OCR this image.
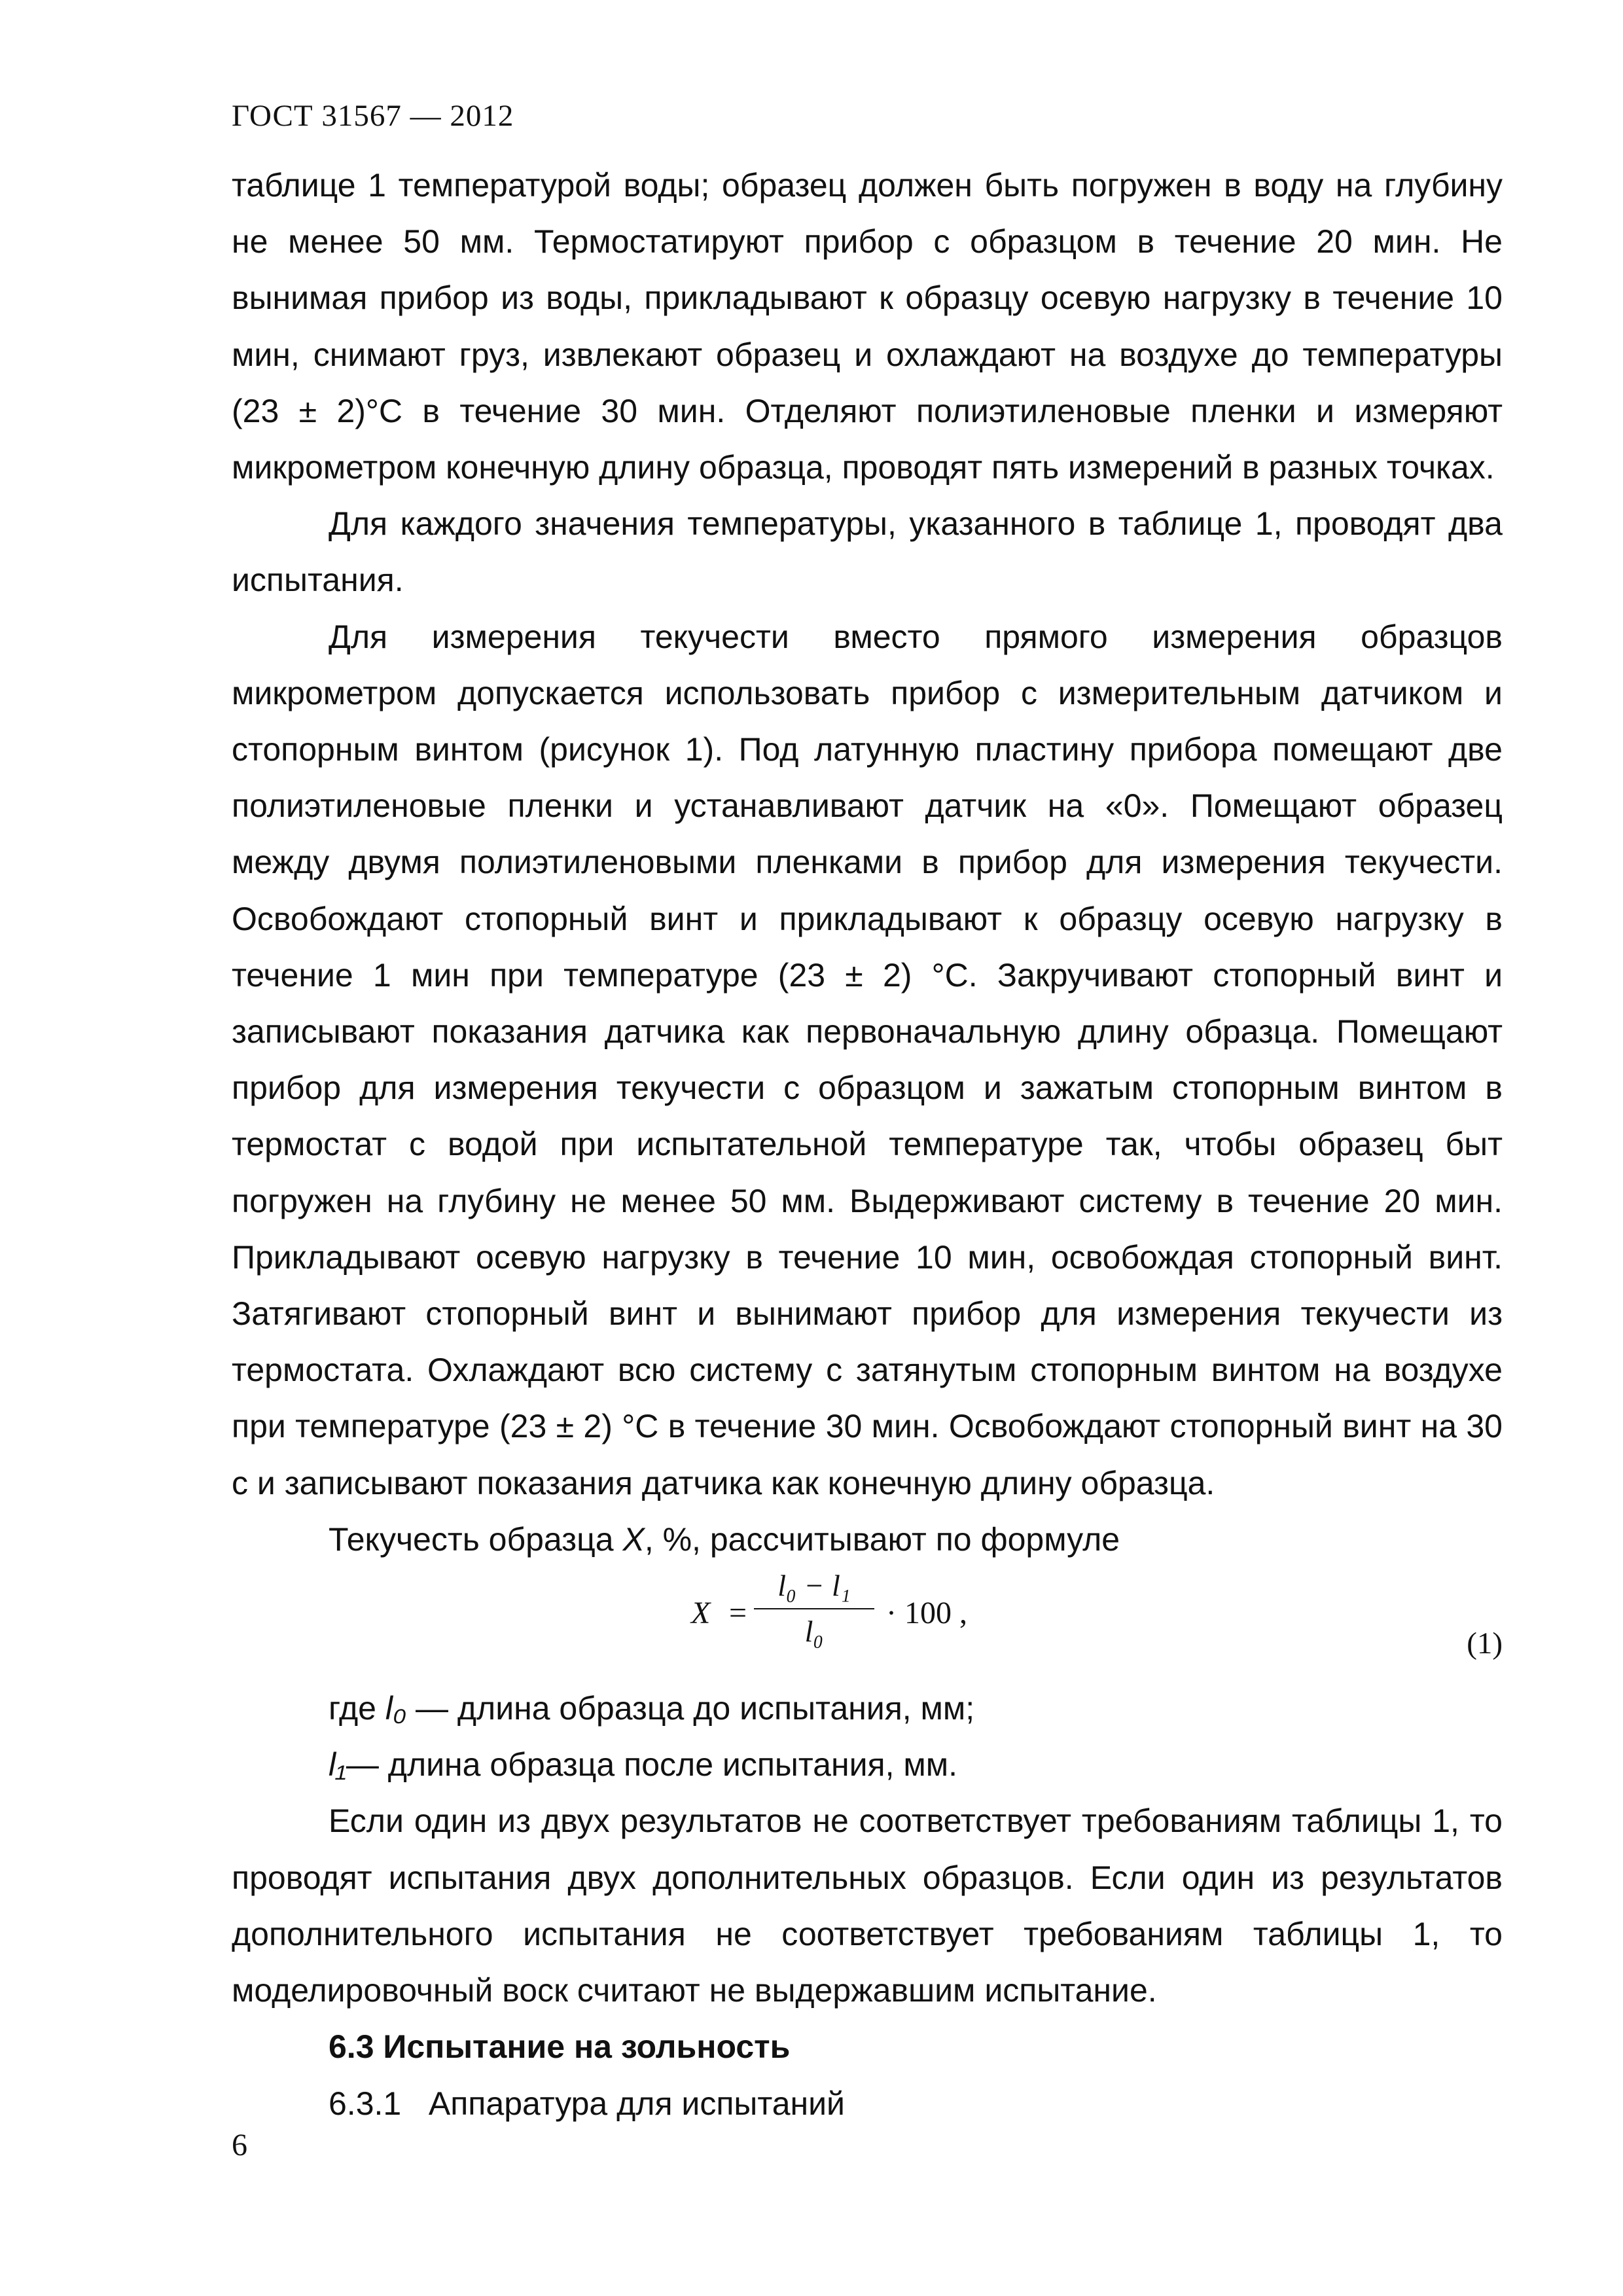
ГОСТ 31567 — 2012

таблице 1 температурой воды; образец должен быть погружен в воду на глубину не менее 50 мм. Термостатируют прибор с образцом в течение 20 мин. Не вынимая прибор из воды, прикладывают к образцу осевую нагрузку в течение 10 мин, снимают груз, извлекают образец и охлаждают на воздухе до температуры (23 ± 2)°С в течение 30 мин. Отделяют полиэтиленовые пленки и измеряют микрометром конечную длину образца, проводят пять измерений в разных точках.

Для каждого значения температуры, указанного в таблице 1, проводят два испытания.

Для измерения текучести вместо прямого измерения образцов микрометром допускается использовать прибор с измерительным датчиком и стопорным винтом (рисунок 1). Под латунную пластину прибора помещают две полиэтиленовые пленки и устанавливают датчик на «0». Помещают образец между двумя полиэтиленовыми пленками в прибор для измерения текучести. Освобождают стопорный винт и прикладывают к образцу осевую нагрузку в течение 1 мин при температуре (23 ± 2) °С. Закручивают стопорный винт и записывают показания датчика как первоначальную длину образца. Помещают прибор для измерения текучести с образцом и зажатым стопорным винтом в термостат с водой при испытательной температуре так, чтобы образец быт погружен на глубину не менее 50 мм. Выдерживают систему в течение 20 мин. Прикладывают осевую нагрузку в течение 10 мин, освобождая стопорный винт. Затягивают стопорный винт и вынимают прибор для измерения текучести из термостата. Охлаждают всю систему с затянутым стопорным винтом на воздухе при температуре (23 ± 2) °С в течение 30 мин. Освобождают стопорный винт на 30 с и записывают показания датчика как конечную длину образца.

Текучесть образца X, %, рассчитывают по формуле

$X = \frac{\text{l₀ − l₁}}{\text{l₀}} \cdot 100$ ,
(1)

где l₀ — длина образца до испытания, мм;

l₁— длина образца после испытания, мм.

Если один из двух результатов не соответствует требованиям таблицы 1, то проводят испытания двух дополнительных образцов. Если один из результатов дополнительного испытания не соответствует требованиям таблицы 1, то моделировочный воск считают не выдержавшим испытание.

6.3 Испытание на зольность

6.3.1   Аппаратура для испытаний

6
